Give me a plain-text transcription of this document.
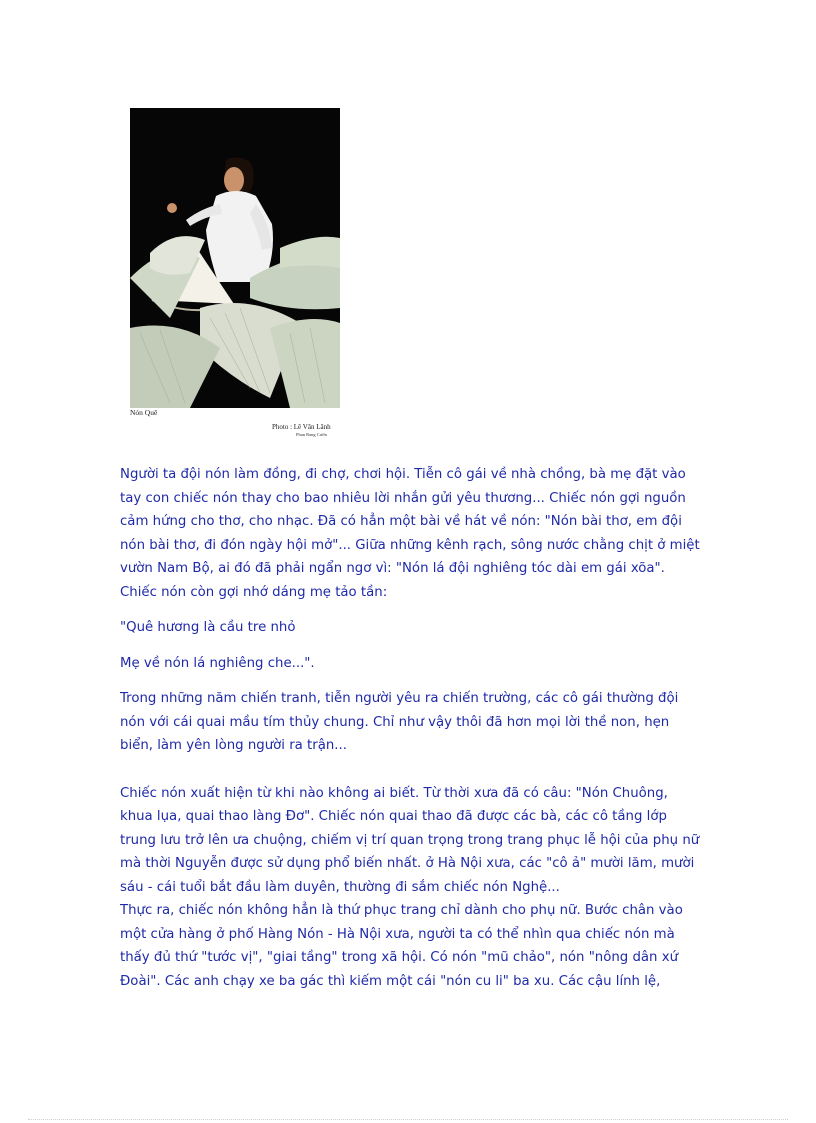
Nón Quê
Photo : Lê Văn Lãnh
Phan Rang Cườn

Người ta đội nón làm đồng, đi chợ, chơi hội. Tiễn cô gái về nhà chồng, bà mẹ đặt vào tay con chiếc nón thay cho bao nhiêu lời nhắn gửi yêu thương... Chiếc nón gợi nguồn cảm hứng cho thơ, cho nhạc. Đã có hẳn một bài về hát về nón: "Nón bài thơ, em đội nón bài thơ, đi đón ngày hội mở"... Giữa những kênh rạch, sông nước chằng chịt ở miệt vườn Nam Bộ, ai đó đã phải ngẩn ngơ vì: "Nón lá đội nghiêng tóc dài em gái xõa". Chiếc nón còn gợi nhớ dáng mẹ tảo tần:

"Quê hương là cầu tre nhỏ

Mẹ về nón lá nghiêng che...".

Trong những năm chiến tranh, tiễn người yêu ra chiến trường, các cô gái thường đội nón với cái quai mầu tím thủy chung. Chỉ như vậy thôi đã hơn mọi lời thề non, hẹn biển, làm yên lòng người ra trận...

Chiếc nón xuất hiện từ khi nào không ai biết. Từ thời xưa đã có câu: "Nón Chuông, khua lụa, quai thao làng Đơ". Chiếc nón quai thao đã được các bà, các cô tầng lớp trung lưu trở lên ưa chuộng, chiếm vị trí quan trọng trong trang phục lễ hội của phụ nữ mà thời Nguyễn được sử dụng phổ biến nhất. ở Hà Nội xưa, các "cô ả" mười lăm, mười sáu - cái tuổi bắt đầu làm duyên, thường đi sắm chiếc nón Nghệ...

Thực ra, chiếc nón không hẳn là thứ phục trang chỉ dành cho phụ nữ. Bước chân vào một cửa hàng ở phố Hàng Nón - Hà Nội xưa, người ta có thể nhìn qua chiếc nón mà thấy đủ thứ "tước vị", "giai tầng" trong xã hội. Có nón "mũ chảo", nón "nông dân xứ Đoài". Các anh chạy xe ba gác thì kiếm một cái "nón cu li" ba xu. Các cậu lính lệ,
